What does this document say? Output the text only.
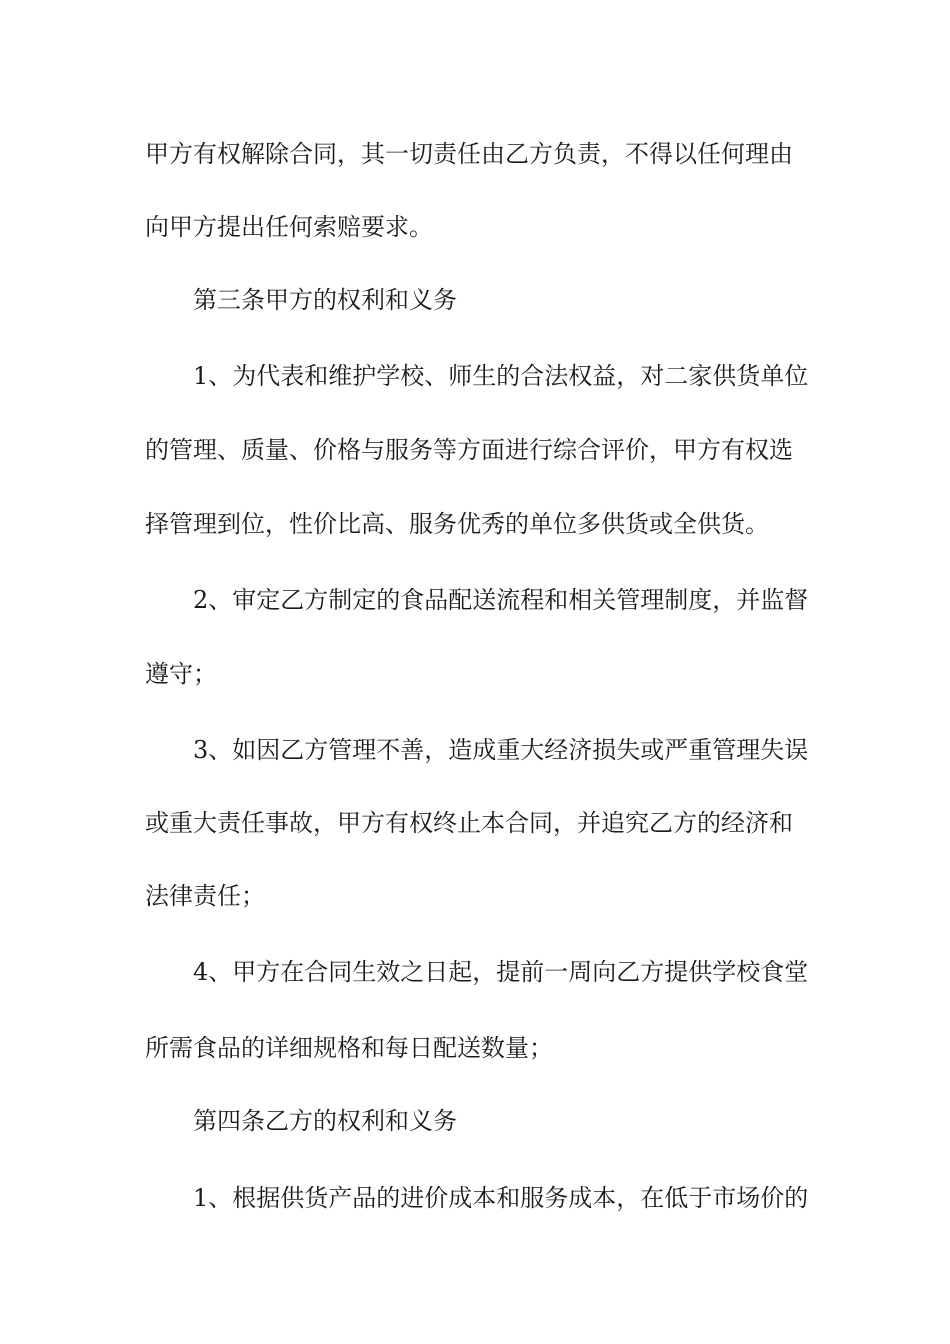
甲方有权解除合同，其一切责任由乙方负责，不得以任何理由
向甲方提出任何索赔要求。
第三条甲方的权利和义务
1、为代表和维护学校、师生的合法权益，对二家供货单位
的管理、质量、价格与服务等方面进行综合评价，甲方有权选
择管理到位，性价比高、服务优秀的单位多供货或全供货。
2、审定乙方制定的食品配送流程和相关管理制度，并监督
遵守；
3、如因乙方管理不善，造成重大经济损失或严重管理失误
或重大责任事故，甲方有权终止本合同，并追究乙方的经济和
法律责任；
4、甲方在合同生效之日起，提前一周向乙方提供学校食堂
所需食品的详细规格和每日配送数量；
第四条乙方的权利和义务
1、根据供货产品的进价成本和服务成本，在低于市场价的
